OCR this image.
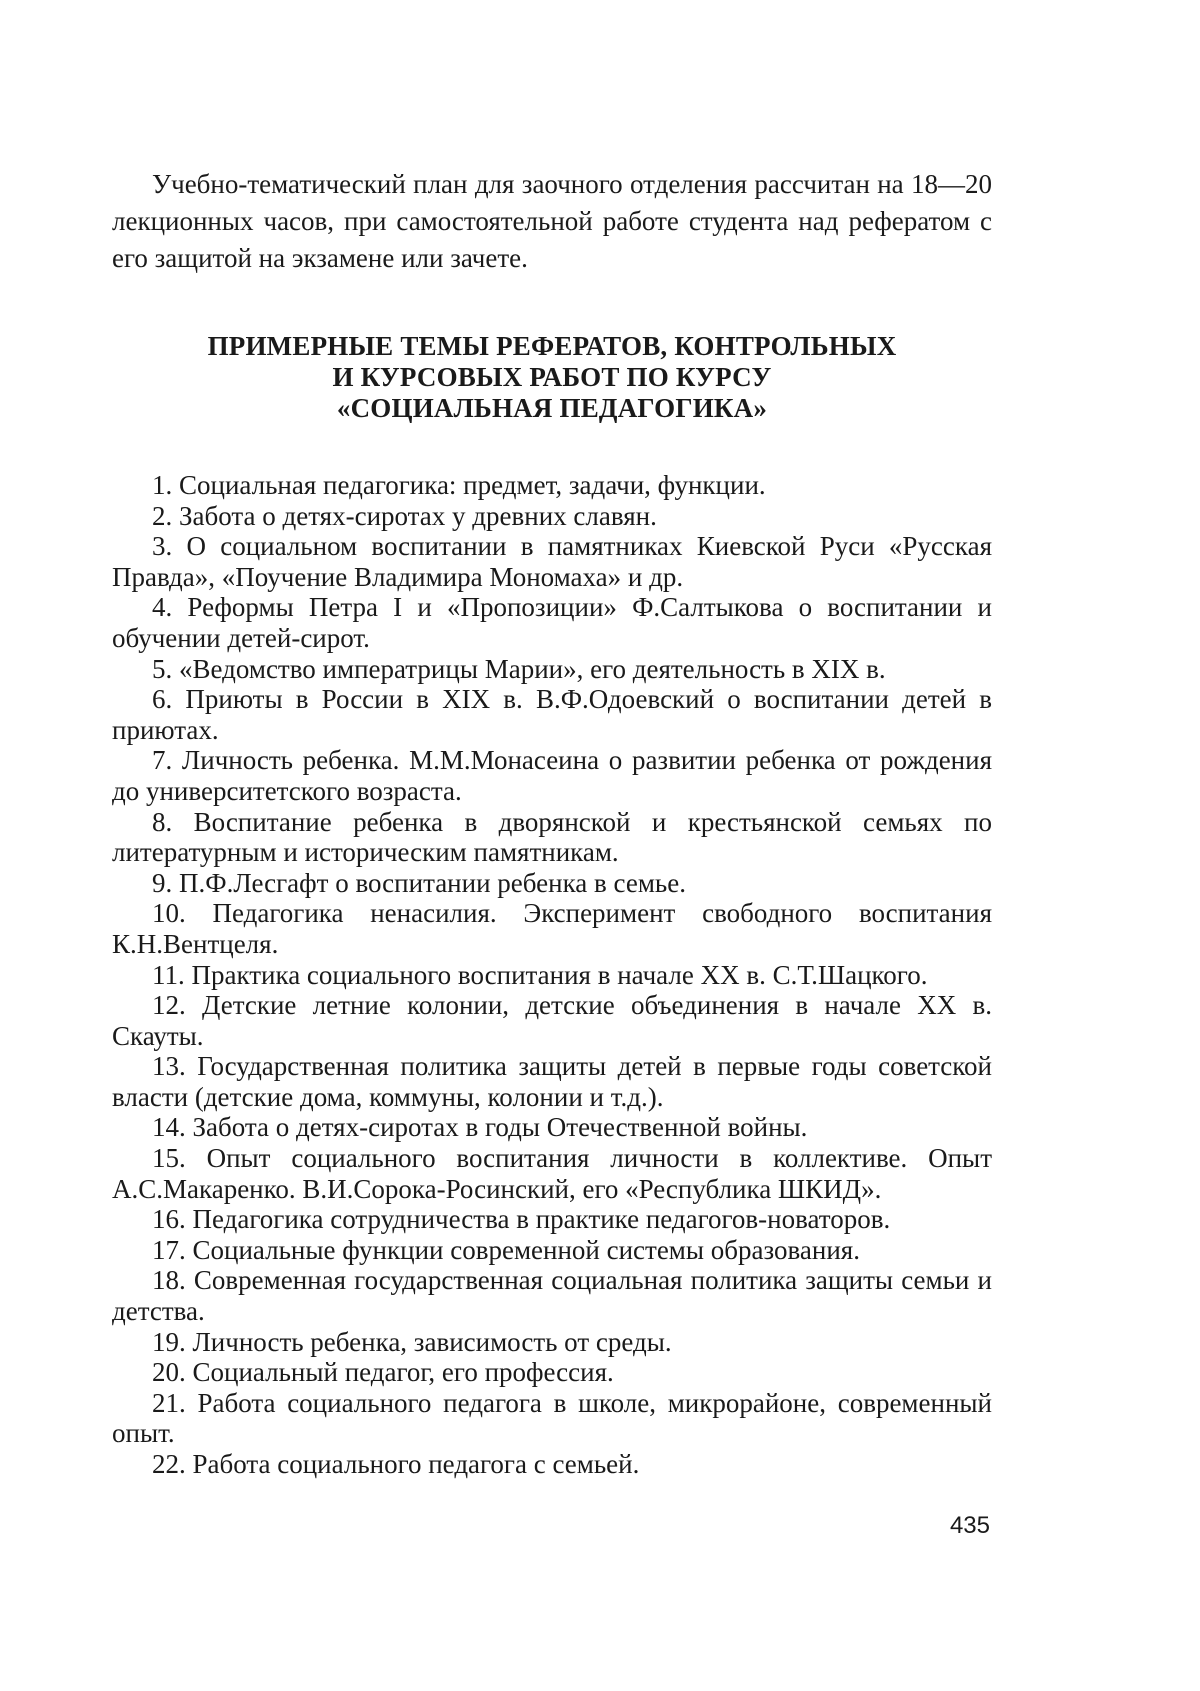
Учебно-тематический план для заочного отделения рассчитан на 18—20 лекционных часов, при самостоятельной работе студента над рефератом с его защитой на экзамене или зачете.

ПРИМЕРНЫЕ ТЕМЫ РЕФЕРАТОВ, КОНТРОЛЬНЫХ
И КУРСОВЫХ РАБОТ ПО КУРСУ
«СОЦИАЛЬНАЯ ПЕДАГОГИКА»
1. Социальная педагогика: предмет, задачи, функции.
2. Забота о детях-сиротах у древних славян.
3. О социальном воспитании в памятниках Киевской Руси «Русская Правда», «Поучение Владимира Мономаха» и др.
4. Реформы Петра I и «Пропозиции» Ф.Салтыкова о воспитании и обучении детей-сирот.
5. «Ведомство императрицы Марии», его деятельность в XIX в.
6. Приюты в России в XIX в. В.Ф.Одоевский о воспитании детей в приютах.
7. Личность ребенка. М.М.Монасеина о развитии ребенка от рождения до университетского возраста.
8. Воспитание ребенка в дворянской и крестьянской семьях по литературным и историческим памятникам.
9. П.Ф.Лесгафт о воспитании ребенка в семье.
10. Педагогика ненасилия. Эксперимент свободного воспитания К.Н.Вентцеля.
11. Практика социального воспитания в начале XX в. С.Т.Шацкого.
12. Детские летние колонии, детские объединения в начале XX в. Скауты.
13. Государственная политика защиты детей в первые годы советской власти (детские дома, коммуны, колонии и т.д.).
14. Забота о детях-сиротах в годы Отечественной войны.
15. Опыт социального воспитания личности в коллективе. Опыт А.С.Макаренко. В.И.Сорока-Росинский, его «Республика ШКИД».
16. Педагогика сотрудничества в практике педагогов-новаторов.
17. Социальные функции современной системы образования.
18. Современная государственная социальная политика защиты семьи и детства.
19. Личность ребенка, зависимость от среды.
20. Социальный педагог, его профессия.
21. Работа социального педагога в школе, микрорайоне, современный опыт.
22. Работа социального педагога с семьей.
435
